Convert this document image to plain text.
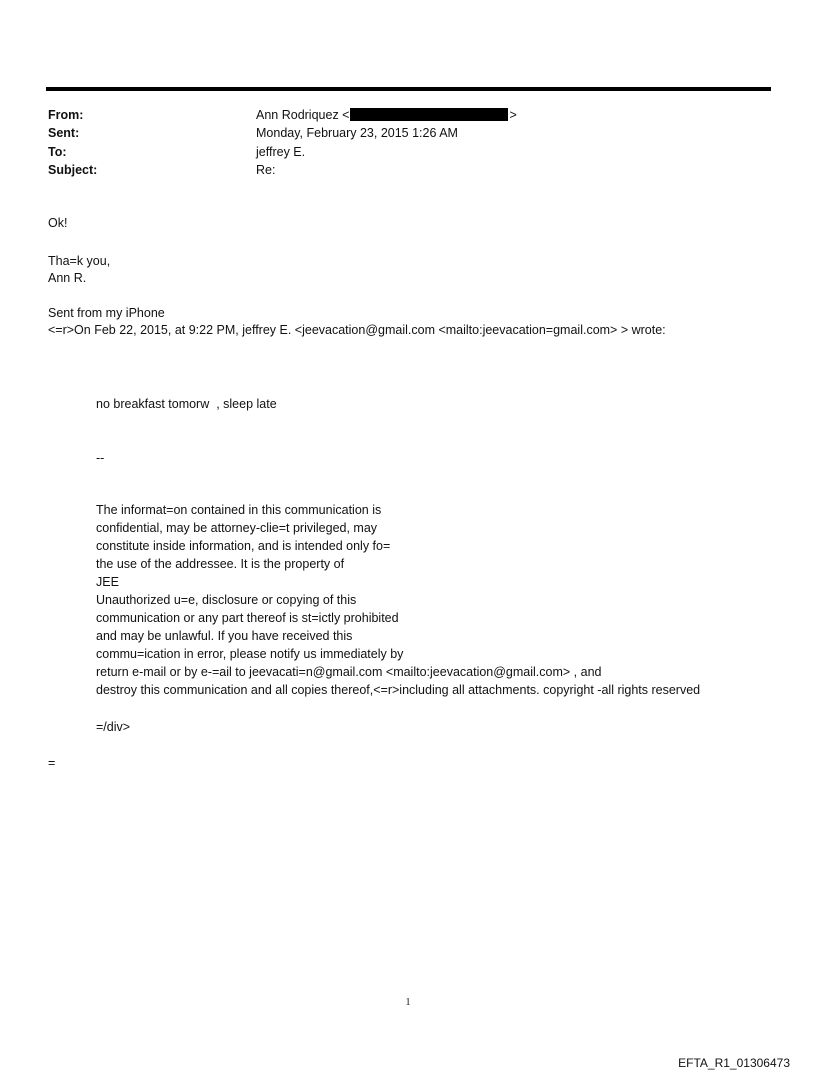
From:	Ann Rodriquez <	>
Sent:	Monday, February 23, 2015 1:26 AM
To:	jeffrey E.
Subject:	Re:
Ok!
Tha=k you,
Ann R.
Sent from my iPhone
<=r>On Feb 22, 2015, at 9:22 PM, jeffrey E. <jeevacation@gmail.com <mailto:jeevacation=gmail.com> > wrote:
no breakfast tomorw  , sleep late
--
The informat=on contained in this communication is
confidential, may be attorney-clie=t privileged, may
constitute inside information, and is intended only fo=
the use of the addressee. It is the property of
JEE
Unauthorized u=e, disclosure or copying of this
communication or any part thereof is st=ictly prohibited
and may be unlawful. If you have received this
commu=ication in error, please notify us immediately by
return e-mail or by e-=ail to jeevacati=n@gmail.com <mailto:jeevacation@gmail.com> , and
destroy this communication and all copies thereof,<=r>including all attachments. copyright -all rights reserved
=/div>
=
1
EFTA_R1_01306473
